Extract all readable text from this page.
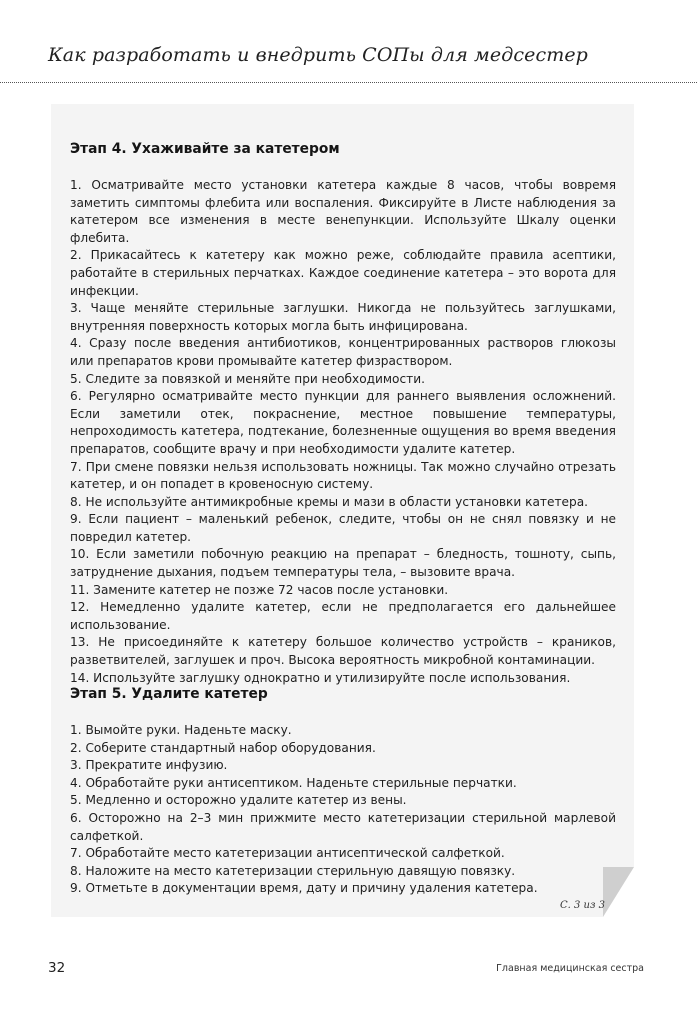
Как разработать и внедрить СОПы для медсестер
Этап 4. Ухаживайте за катетером

1. Осматривайте место установки катетера каждые 8 часов, чтобы вовремя заметить симптомы флебита или воспаления. Фиксируйте в Листе наблюдения за катетером все изменения в месте венепункции. Используйте Шкалу оценки флебита.

2. Прикасайтесь к катетеру как можно реже, соблюдайте правила асептики, работайте в стерильных перчатках. Каждое соединение катетера – это ворота для инфекции.

3. Чаще меняйте стерильные заглушки. Никогда не пользуйтесь заглушками, внутренняя поверхность которых могла быть инфицирована.

4. Сразу после введения антибиотиков, концентрированных растворов глюкозы или препаратов крови промывайте катетер физраствором.

5. Следите за повязкой и меняйте при необходимости.

6. Регулярно осматривайте место пункции для раннего выявления осложнений. Если заметили отек, покраснение, местное повышение температуры, непроходимость катетера, подтекание, болезненные ощущения во время введения препаратов, сообщите врачу и при необходимости удалите катетер.

7. При смене повязки нельзя использовать ножницы. Так можно случайно отрезать катетер, и он попадет в кровеносную систему.

8. Не используйте антимикробные кремы и мази в области установки катетера.

9. Если пациент – маленький ребенок, следите, чтобы он не снял повязку и не повредил катетер.

10. Если заметили побочную реакцию на препарат – бледность, тошноту, сыпь, затруднение дыхания, подъем температуры тела, – вызовите врача.

11. Замените катетер не позже 72 часов после установки.

12. Немедленно удалите катетер, если не предполагается его дальнейшее использование.

13. Не присоединяйте к катетеру большое количество устройств – краников, разветвителей, заглушек и проч. Высока вероятность микробной контаминации.

14. Используйте заглушку однократно и утилизируйте после использования.

Этап 5. Удалите катетер

1. Вымойте руки. Наденьте маску.

2. Соберите стандартный набор оборудования.

3. Прекратите инфузию.

4. Обработайте руки антисептиком. Наденьте стерильные перчатки.

5. Медленно и осторожно удалите катетер из вены.

6. Осторожно на 2–3 мин прижмите место катетеризации стерильной марлевой салфеткой.

7. Обработайте место катетеризации антисептической салфеткой.

8. Наложите на место катетеризации стерильную давящую повязку.

9. Отметьте в документации время, дату и причину удаления катетера.

С. 3 из 3
32	Главная медицинская сестра
